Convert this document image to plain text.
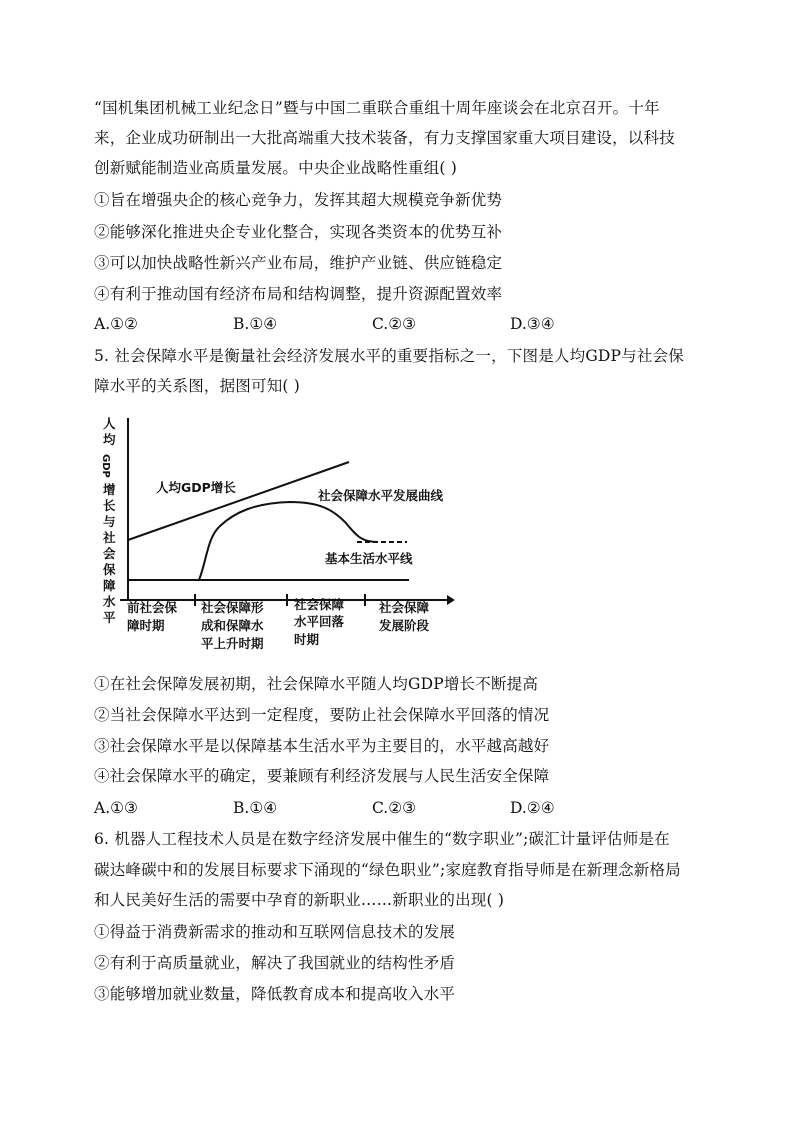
“国机集团机械工业纪念日”暨与中国二重联合重组十周年座谈会在北京召开。十年
来，企业成功研制出一大批高端重大技术装备，有力支撑国家重大项目建设，以科技
创新赋能制造业高质量发展。中央企业战略性重组( )
①旨在增强央企的核心竞争力，发挥其超大规模竞争新优势
②能够深化推进央企专业化整合，实现各类资本的优势互补
③可以加快战略性新兴产业布局，维护产业链、供应链稳定
④有利于推动国有经济布局和结构调整，提升资源配置效率
A.①②	B.①④	C.②③	D.③④
5. 社会保障水平是衡量社会经济发展水平的重要指标之一，下图是人均GDP与社会保
障水平的关系图，据图可知( )
人
均
GDP
增
长
与
社
会
保
障
水
平
人均GDP增长
社会保障水平发展曲线
基本生活水平线
前社会保
障时期
社会保障形
成和保障水
平上升时期
社会保障
水平回落
时期
社会保障
发展阶段
①在社会保障发展初期，社会保障水平随人均GDP增长不断提高
②当社会保障水平达到一定程度，要防止社会保障水平回落的情况
③社会保障水平是以保障基本生活水平为主要目的，水平越高越好
④社会保障水平的确定，要兼顾有利经济发展与人民生活安全保障
A.①③	B.①④	C.②③	D.②④
6. 机器人工程技术人员是在数字经济发展中催生的“数字职业”;碳汇计量评估师是在
碳达峰碳中和的发展目标要求下涌现的“绿色职业”;家庭教育指导师是在新理念新格局
和人民美好生活的需要中孕育的新职业……新职业的出现( )
①得益于消费新需求的推动和互联网信息技术的发展
②有利于高质量就业，解决了我国就业的结构性矛盾
③能够增加就业数量，降低教育成本和提高收入水平
